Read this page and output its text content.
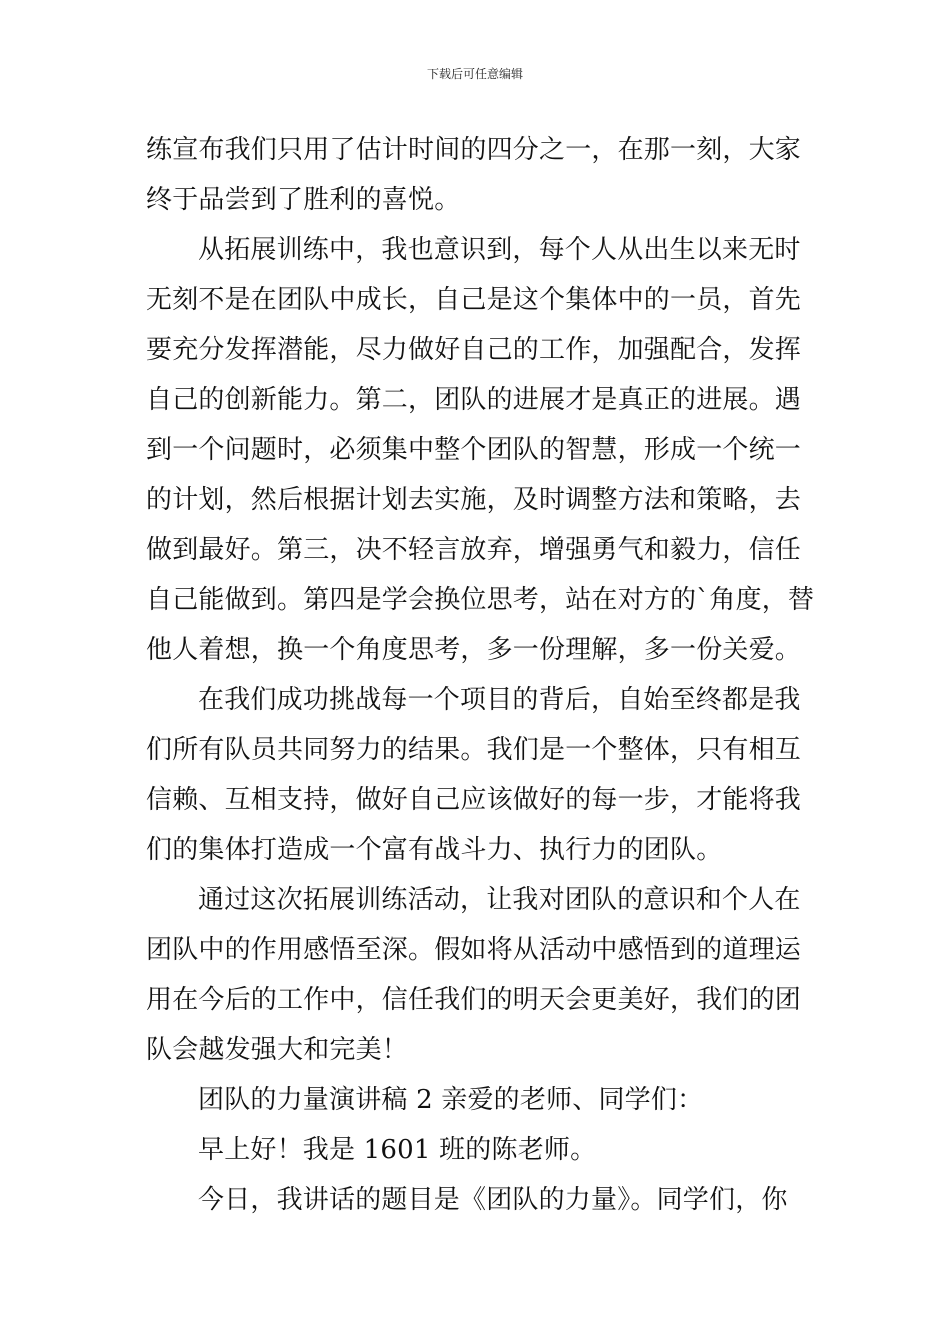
下载后可任意编辑
练宣布我们只用了估计时间的四分之一，在那一刻，大家
终于品尝到了胜利的喜悦。
从拓展训练中，我也意识到，每个人从出生以来无时
无刻不是在团队中成长，自己是这个集体中的一员，首先
要充分发挥潜能，尽力做好自己的工作，加强配合，发挥
自己的创新能力。第二，团队的进展才是真正的进展。遇
到一个问题时，必须集中整个团队的智慧，形成一个统一
的计划，然后根据计划去实施，及时调整方法和策略，去
做到最好。第三，决不轻言放弃，增强勇气和毅力，信任
自己能做到。第四是学会换位思考，站在对方的`角度，替
他人着想，换一个角度思考，多一份理解，多一份关爱。
在我们成功挑战每一个项目的背后，自始至终都是我
们所有队员共同努力的结果。我们是一个整体，只有相互
信赖、互相支持，做好自己应该做好的每一步，才能将我
们的集体打造成一个富有战斗力、执行力的团队。
通过这次拓展训练活动，让我对团队的意识和个人在
团队中的作用感悟至深。假如将从活动中感悟到的道理运
用在今后的工作中，信任我们的明天会更美好，我们的团
队会越发强大和完美！
团队的力量演讲稿 2 亲爱的老师、同学们：
早上好！我是 1601 班的陈老师。
今日，我讲话的题目是《团队的力量》。同学们，你
